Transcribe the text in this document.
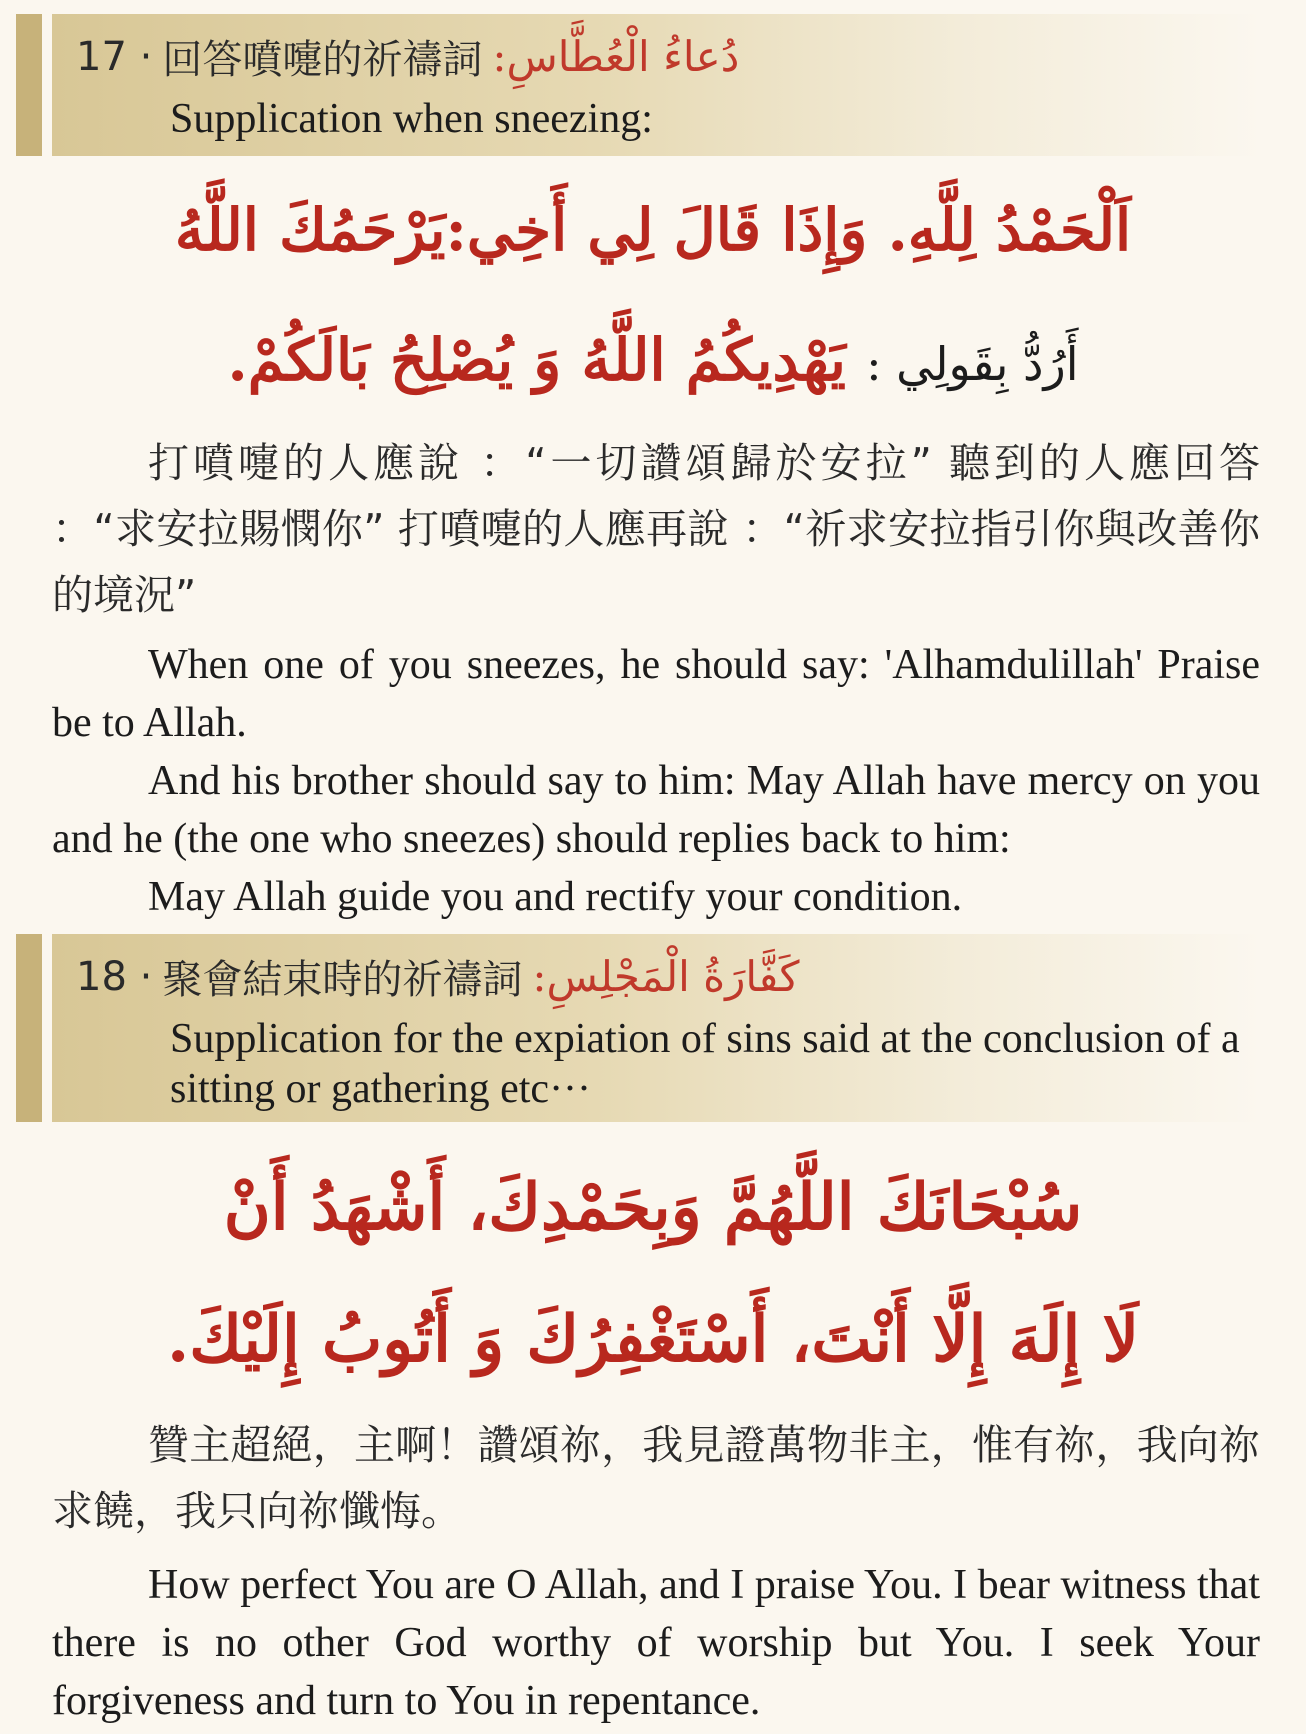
17 · 回答噴嚏的祈禱詞 دُعاءُ الْعُطَّاسِ:
Supplication when sneezing:
اَلْحَمْدُ لِلَّهِ. وَإِذَا قَالَ لِي أَخِي:يَرْحَمُكَ اللَّهُ
أَرُدُّ بِقَولِي : يَهْدِيكُمُ اللَّهُ وَ يُصْلِحُ بَالَكُمْ.
打噴嚏的人應說 ：“一切讚頌歸於安拉” 聽到的人應回答 ：“求安拉賜憫你” 打噴嚏的人應再說 ：“祈求安拉指引你與改善你的境況”

When one of you sneezes, he should say: 'Alhamdulillah' Praise be to Allah.

And his brother should say to him: May Allah have mercy on you and he (the one who sneezes) should replies back to him:

May Allah guide you and rectify your condition.

18 · 聚會結束時的祈禱詞 كَفَّارَةُ الْمَجْلِسِ:
Supplication for the expiation of sins said at the conclusion of a sitting or gathering etc···
سُبْحَانَكَ اللَّهُمَّ وَبِحَمْدِكَ، أَشْهَدُ أَنْ
لَا إِلَهَ إِلَّا أَنْتَ، أَسْتَغْفِرُكَ وَ أَتُوبُ إِلَيْكَ.
贊主超絕，主啊！讚頌祢，我見證萬物非主，惟有祢，我向祢求饒，我只向祢懺悔。
How perfect You are O Allah, and I praise You. I bear witness that there is no other God worthy of worship but You. I seek Your forgiveness and turn to You in repentance.
